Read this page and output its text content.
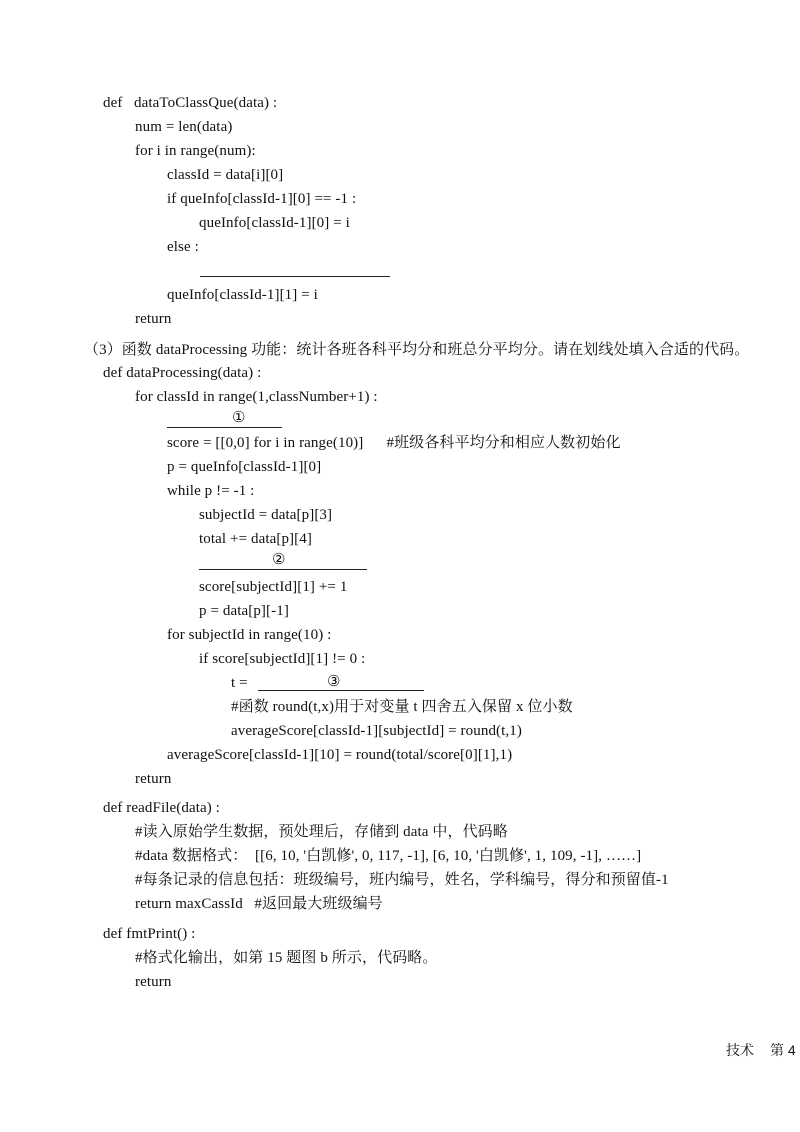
def   dataToClassQue(data) :
num = len(data)
for i in range(num):
classId = data[i][0]
if queInfo[classId-1][0] == -1 :
queInfo[classId-1][0] = i
else :
queInfo[classId-1][1] = i
return
（3）函数 dataProcessing 功能：统计各班各科平均分和班总分平均分。请在划线处填入合适的代码。
def dataProcessing(data) :
for classId in range(1,classNumber+1) :
①
score = [[0,0] for i in range(10)]      #班级各科平均分和相应人数初始化
p = queInfo[classId-1][0]
while p != -1 :
subjectId = data[p][3]
total += data[p][4]
②
score[subjectId][1] += 1
p = data[p][-1]
for subjectId in range(10) :
if score[subjectId][1] != 0 :
t =	③
#函数 round(t,x)用于对变量 t 四舍五入保留 x 位小数
averageScore[classId-1][subjectId] = round(t,1)
averageScore[classId-1][10] = round(total/score[0][1],1)
return
def readFile(data) :
#读入原始学生数据，预处理后，存储到 data 中，代码略
#data 数据格式：  [[6, 10, '白凯修', 0, 117, -1], [6, 10, '白凯修', 1, 109, -1], ……]
#每条记录的信息包括：班级编号，班内编号，姓名，学科编号，得分和预留值-1
return maxCassId   #返回最大班级编号
def fmtPrint() :
#格式化输出，如第 15 题图 b 所示，代码略。
return
技术 第 4
